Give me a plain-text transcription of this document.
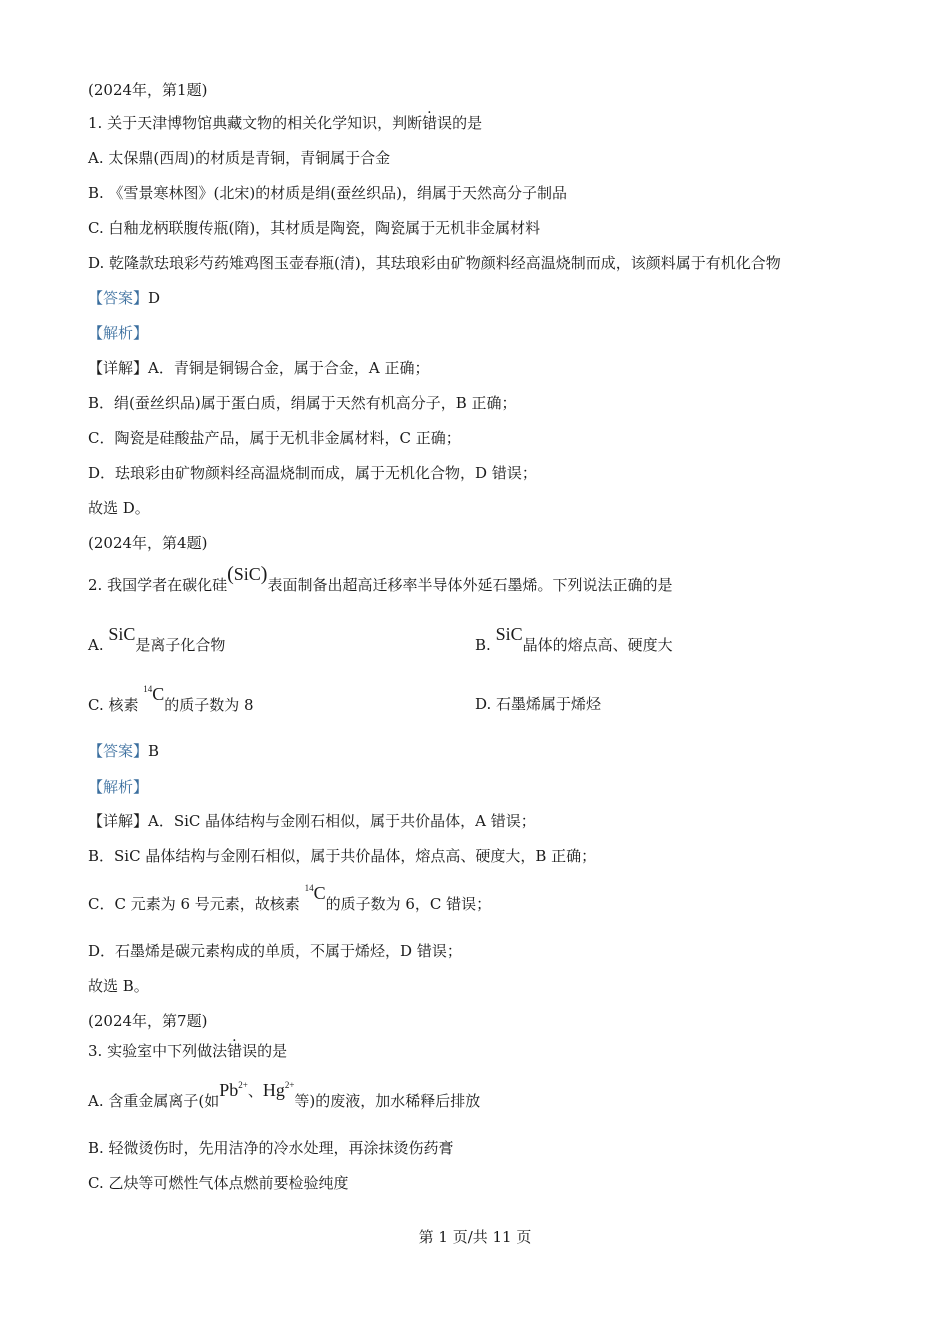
(2024年，第1题)
1. 关于天津博物馆典藏文物的相关化学知识，判断错误的是
A. 太保鼎(西周)的材质是青铜，青铜属于合金
B. 《雪景寒林图》(北宋)的材质是绢(蚕丝织品)，绢属于天然高分子制品
C. 白釉龙柄联腹传瓶(隋)，其材质是陶瓷，陶瓷属于无机非金属材料
D. 乾隆款珐琅彩芍药雉鸡图玉壶春瓶(清)，其珐琅彩由矿物颜料经高温烧制而成，该颜料属于有机化合物
【答案】D
【解析】
【详解】A．青铜是铜锡合金，属于合金，A 正确；
B．绢(蚕丝织品)属于蛋白质，绢属于天然有机高分子，B 正确；
C．陶瓷是硅酸盐产品，属于无机非金属材料，C 正确；
D．珐琅彩由矿物颜料经高温烧制而成，属于无机化合物，D 错误；
故选 D。
(2024年，第4题)
2. 我国学者在碳化硅(SiC)表面制备出超高迁移率半导体外延石墨烯。下列说法正确的是
A. SiC是离子化合物	B. SiC晶体的熔点高、硬度大
C. 核素 $^{14}$C的质子数为 8	D. 石墨烯属于烯烃
【答案】B
【解析】
【详解】A．SiC 晶体结构与金刚石相似，属于共价晶体，A 错误；
B．SiC 晶体结构与金刚石相似，属于共价晶体，熔点高、硬度大，B 正确；
C．C 元素为 6 号元素，故核素 $^{14}$C的质子数为 6，C 错误；
D．石墨烯是碳元素构成的单质，不属于烯烃，D 错误；
故选 B。
(2024年，第7题)
3. 实验室中下列做法错误的是
A. 含重金属离子(如$Pb^{2+}$、$Hg^{2+}$等)的废液，加水稀释后排放
B. 轻微烫伤时，先用洁净的冷水处理，再涂抹烫伤药膏
C. 乙炔等可燃性气体点燃前要检验纯度
第 1 页/共 11 页
